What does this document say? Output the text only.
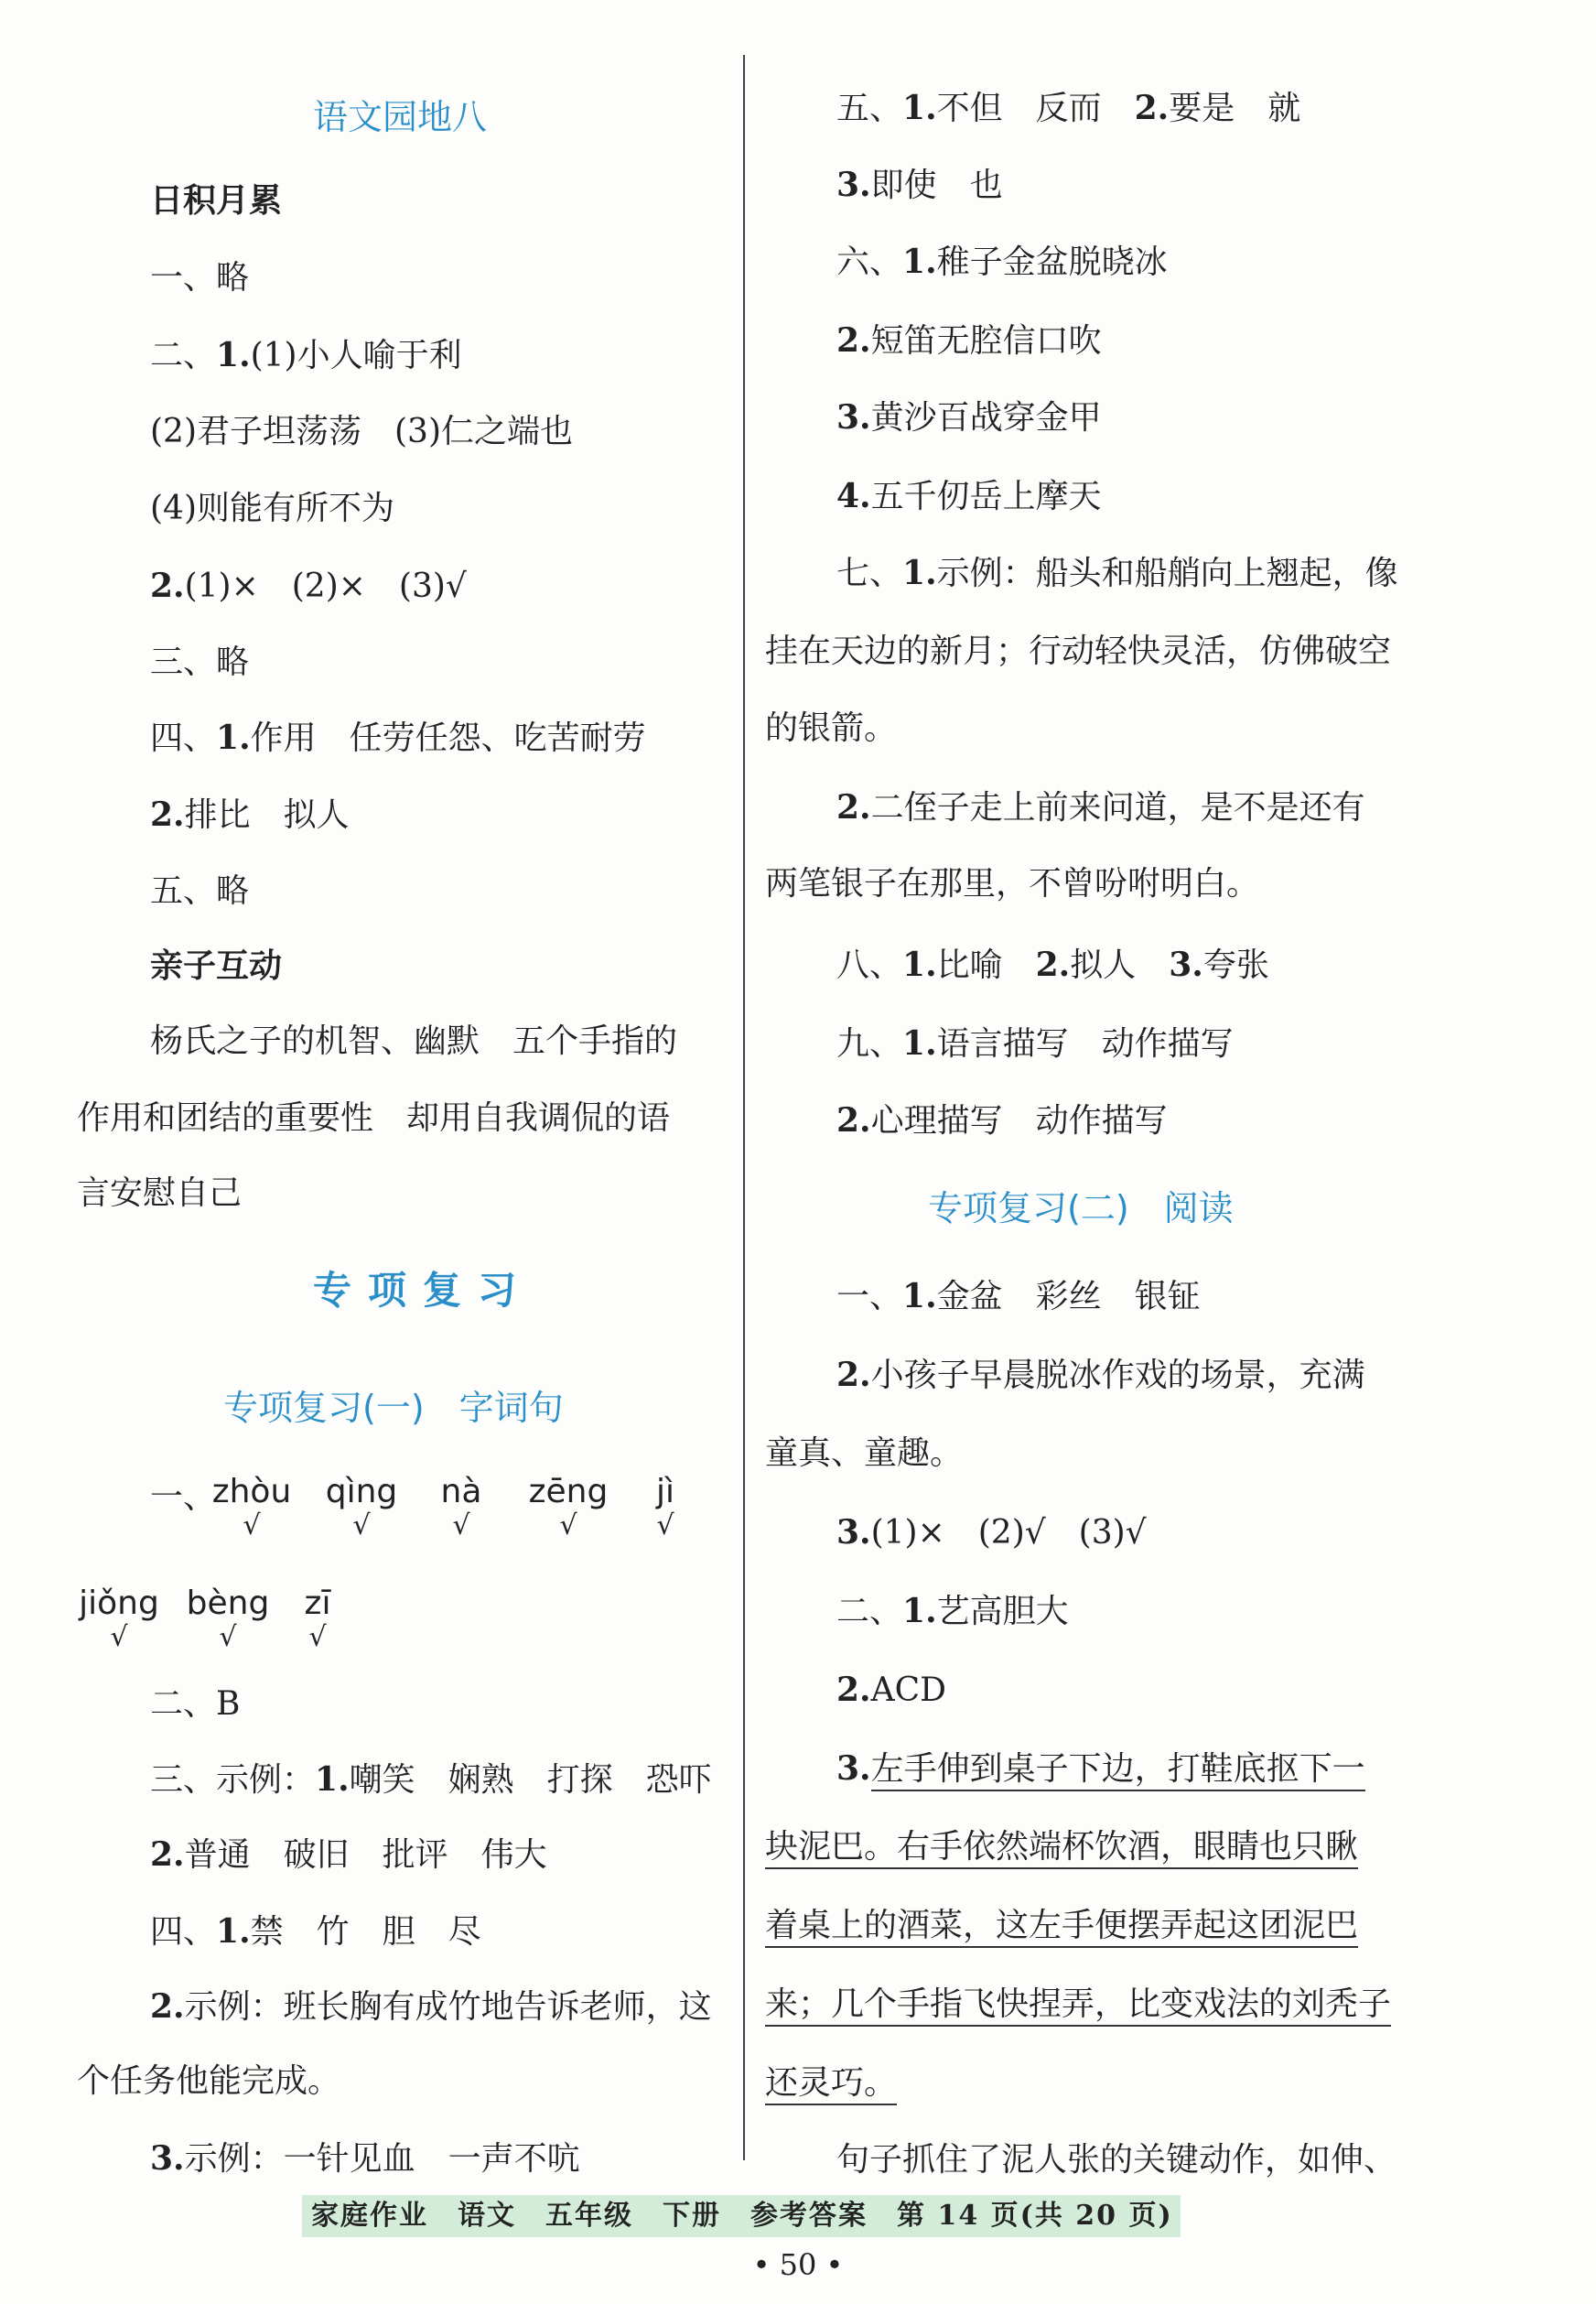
语文园地八
日积月累
一、略
二、1.(1)小人喻于利
(2)君子坦荡荡　(3)仁之端也
(4)则能有所不为
2.(1)×　(2)×　(3)√
三、略
四、1.作用　任劳任怨、吃苦耐劳
2.排比　拟人
五、略
亲子互动
杨氏之子的机智、幽默　五个手指的
作用和团结的重要性　却用自我调侃的语
言安慰自己
专项复习
专项复习(一)　字词句
一、
zhòu
√
qìng
√
nà
√
zēng
√
jì
√
jiǒng
√
bèng
√
zī
√
二、B
三、示例：1.嘲笑　娴熟　打探　恐吓
2.普通　破旧　批评　伟大
四、1.禁　竹　胆　尽
2.示例：班长胸有成竹地告诉老师，这
个任务他能完成。
3.示例：一针见血　一声不吭
五、1.不但　反而　2.要是　就
3.即使　也
六、1.稚子金盆脱晓冰
2.短笛无腔信口吹
3.黄沙百战穿金甲
4.五千仞岳上摩天
七、1.示例：船头和船艄向上翘起，像
挂在天边的新月；行动轻快灵活，仿佛破空
的银箭。
2.二侄子走上前来问道，是不是还有
两笔银子在那里，不曾吩咐明白。
八、1.比喻　2.拟人　3.夸张
九、1.语言描写　动作描写
2.心理描写　动作描写
专项复习(二)　阅读
一、1.金盆　彩丝　银钲
2.小孩子早晨脱冰作戏的场景，充满
童真、童趣。
3.(1)×　(2)√　(3)√
二、1.艺高胆大
2.ACD
3.左手伸到桌子下边，打鞋底抠下一
块泥巴。右手依然端杯饮酒，眼睛也只瞅
着桌上的酒菜，这左手便摆弄起这团泥巴
来；几个手指飞快捏弄，比变戏法的刘秃子
还灵巧。
句子抓住了泥人张的关键动作，如伸、
家庭作业　语文　五年级　下册　参考答案　第 14 页(共 20 页)
• 50 •
